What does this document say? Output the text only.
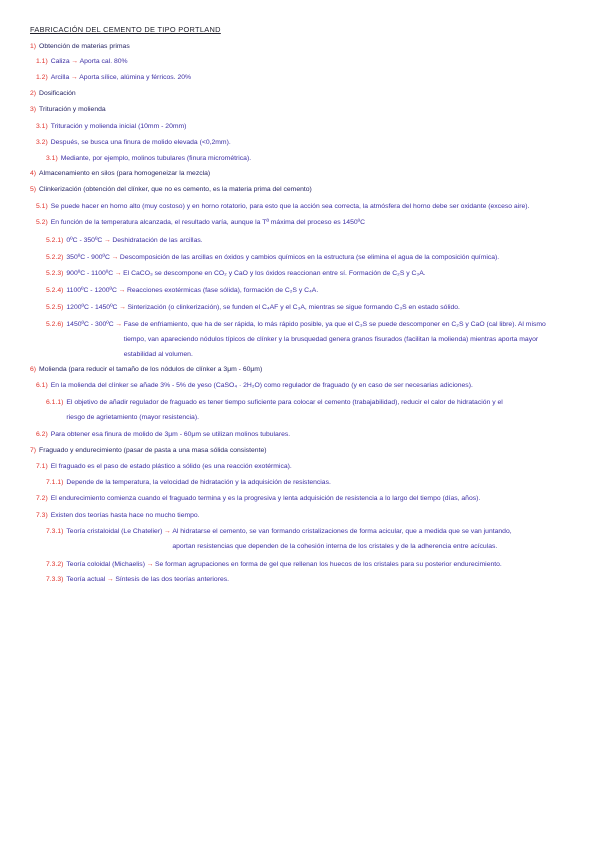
FABRICACIÓN DEL CEMENTO DE TIPO PORTLAND
1) Obtención de materias primas
1.1) Caliza → Aporta cal. 80%
1.2) Arcilla → Aporta sílice, alúmina y férricos. 20%
2) Dosificación
3) Trituración y molienda
3.1) Trituración y molienda inicial (10mm - 20mm)
3.2) Después, se busca una finura de molido elevada (<0,2mm).
3.1) Mediante, por ejemplo, molinos tubulares (finura micrométrica).
4) Almacenamiento en silos (para homogeneizar la mezcla)
5) Clinkerización (obtención del clínker, que no es cemento, es la materia prima del cemento)
5.1) Se puede hacer en horno alto (muy costoso) y en horno rotatorio, para esto que la acción sea correcta, la atmósfera del horno debe ser oxidante (exceso aire).
5.2) En función de la temperatura alcanzada, el resultado varía, aunque la Tª máxima del proceso es 1450ºC
5.2.1) 0ºC - 350ºC → Deshidratación de las arcillas.
5.2.2) 350ºC - 900ºC → Descomposición de las arcillas en óxidos y cambios químicos en la estructura (se elimina el agua de la composición química).
5.2.3) 900ºC - 1100ºC → El CaCO₃ se descompone en CO₂ y CaO y los óxidos reaccionan entre sí. Formación de C₂S y C₃A.
5.2.4) 1100ºC - 1200ºC → Reacciones exotérmicas (fase sólida), formación de C₂S y C₄A.
5.2.5) 1200ºC - 1450ºC → Sinterización (o clinkerización), se funden el C₄AF y el C₃A, mientras se sigue formando C₃S en estado sólido.
5.2.6) 1450ºC - 300ºC → Fase de enfriamiento, que ha de ser rápida, lo más rápido posible, ya que el C₃S se puede descomponer en C₂S y CaO (cal libre). Al mismo
tiempo, van apareciendo nódulos típicos de clínker y la brusquedad genera granos fisurados (facilitan la molienda) mientras aporta mayor
estabilidad al volumen.
6) Molienda (para reducir el tamaño de los nódulos de clínker a 3μm - 60μm)
6.1) En la molienda del clínker se añade 3% - 5% de yeso (CaSO₄ · 2H₂O) como regulador de fraguado (y en caso de ser necesarias adiciones).
6.1.1) El objetivo de añadir regulador de fraguado es tener tiempo suficiente para colocar el cemento (trabajabilidad), reducir el calor de hidratación y el
riesgo de agrietamiento (mayor resistencia).
6.2) Para obtener esa finura de molido de 3μm - 60μm se utilizan molinos tubulares.
7) Fraguado y endurecimiento (pasar de pasta a una masa sólida consistente)
7.1) El fraguado es el paso de estado plástico a sólido (es una reacción exotérmica).
7.1.1) Depende de la temperatura, la velocidad de hidratación y la adquisición de resistencias.
7.2) El endurecimiento comienza cuando el fraguado termina y es la progresiva y lenta adquisición de resistencia a lo largo del tiempo (días, años).
7.3) Existen dos teorías hasta hace no mucho tiempo.
7.3.1) Teoría cristaloidal (Le Chatelier) → Al hidratarse el cemento, se van formando cristalizaciones de forma acicular, que a medida que se van juntando,
aportan resistencias que dependen de la cohesión interna de los cristales y de la adherencia entre acículas.
7.3.2) Teoría coloidal (Michaelis) → Se forman agrupaciones en forma de gel que rellenan los huecos de los cristales para su posterior endurecimiento.
7.3.3) Teoría actual → Síntesis de las dos teorías anteriores.
